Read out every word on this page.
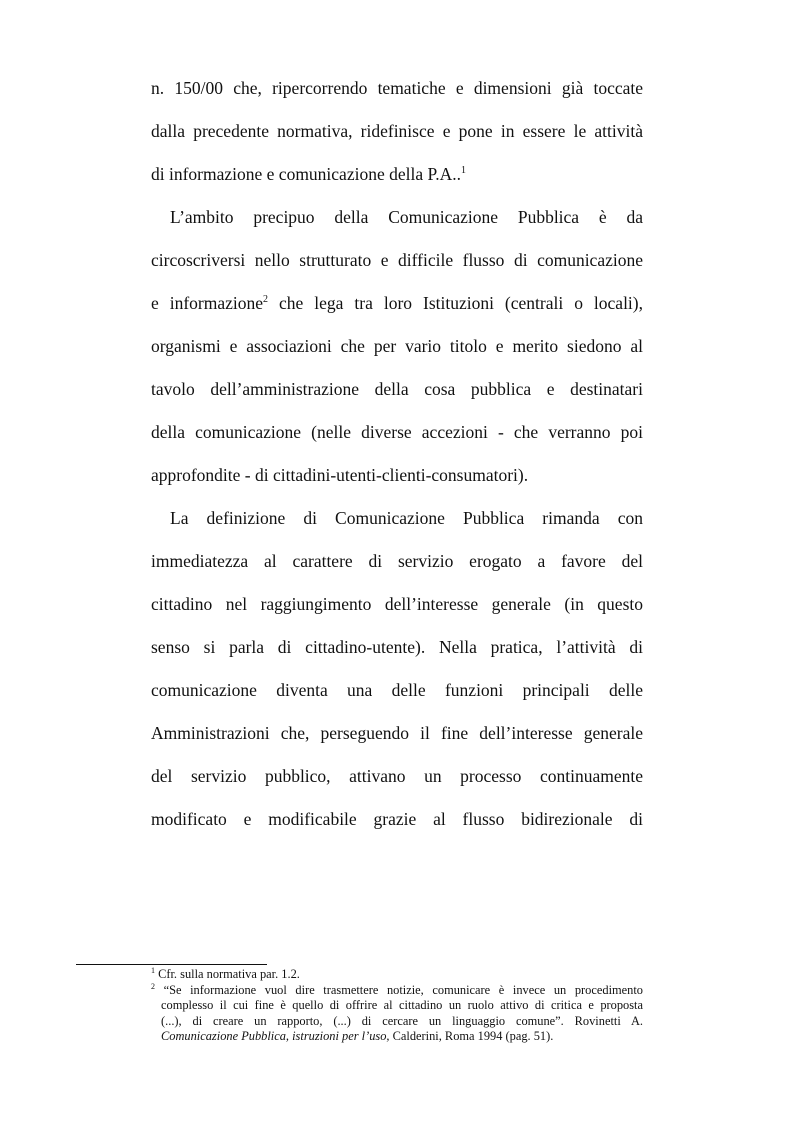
n. 150/00 che, ripercorrendo tematiche e dimensioni già toccate
dalla precedente normativa, ridefinisce e pone in essere le attività
di informazione e comunicazione della P.A..$^1$
L’ambito precipuo della Comunicazione Pubblica è da
circoscriversi nello strutturato e difficile flusso di comunicazione
e informazione$^2$ che lega tra loro Istituzioni (centrali o locali),
organismi e associazioni che per vario titolo e merito siedono al
tavolo dell’amministrazione della cosa pubblica e destinatari
della comunicazione (nelle diverse accezioni - che verranno poi
approfondite - di cittadini-utenti-clienti-consumatori).
La definizione di Comunicazione Pubblica rimanda con
immediatezza al carattere di servizio erogato a favore del
cittadino nel raggiungimento dell’interesse generale (in questo
senso si parla di cittadino-utente). Nella pratica, l’attività di
comunicazione diventa una delle funzioni principali delle
Amministrazioni che, perseguendo il fine dell’interesse generale
del servizio pubblico, attivano un processo continuamente
modificato e modificabile grazie al flusso bidirezionale di
$^1$ Cfr. sulla normativa par. 1.2.
$^2$ “Se informazione vuol dire trasmettere notizie, comunicare è invece un procedimento
complesso il cui fine è quello di offrire al cittadino un ruolo attivo di critica e proposta
(...), di creare un rapporto, (...) di cercare un linguaggio comune”. Rovinetti A.
Comunicazione Pubblica, istruzioni per l’uso, Calderini, Roma 1994 (pag. 51).
